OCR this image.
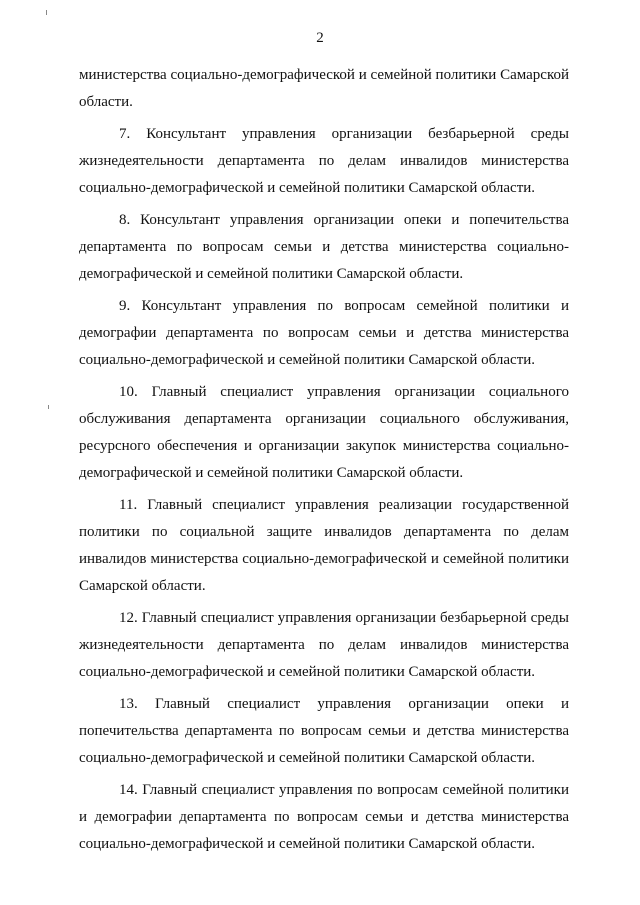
2

министерства социально-демографической и семейной политики Самарской области.

7. Консультант управления организации безбарьерной среды жизнедеятельности департамента по делам инвалидов министерства социально-демографической и семейной политики Самарской области.

8. Консультант управления организации опеки и попечительства департамента по вопросам семьи и детства министерства социально-демографической и семейной политики Самарской области.

9. Консультант управления по вопросам семейной политики и демографии департамента по вопросам семьи и детства министерства социально-демографической и семейной политики Самарской области.

10. Главный специалист управления организации социального обслуживания департамента организации социального обслуживания, ресурсного обеспечения и организации закупок министерства социально-демографической и семейной политики Самарской области.

11. Главный специалист управления реализации государственной политики по социальной защите инвалидов департамента по делам инвалидов министерства социально-демографической и семейной политики Самарской области.

12. Главный специалист управления организации безбарьерной среды жизнедеятельности департамента по делам инвалидов министерства социально-демографической и семейной политики Самарской области.

13. Главный специалист управления организации опеки и попечительства департамента по вопросам семьи и детства министерства социально-демографической и семейной политики Самарской области.

14. Главный специалист управления по вопросам семейной политики и демографии департамента по вопросам семьи и детства министерства социально-демографической и семейной политики Самарской области.
